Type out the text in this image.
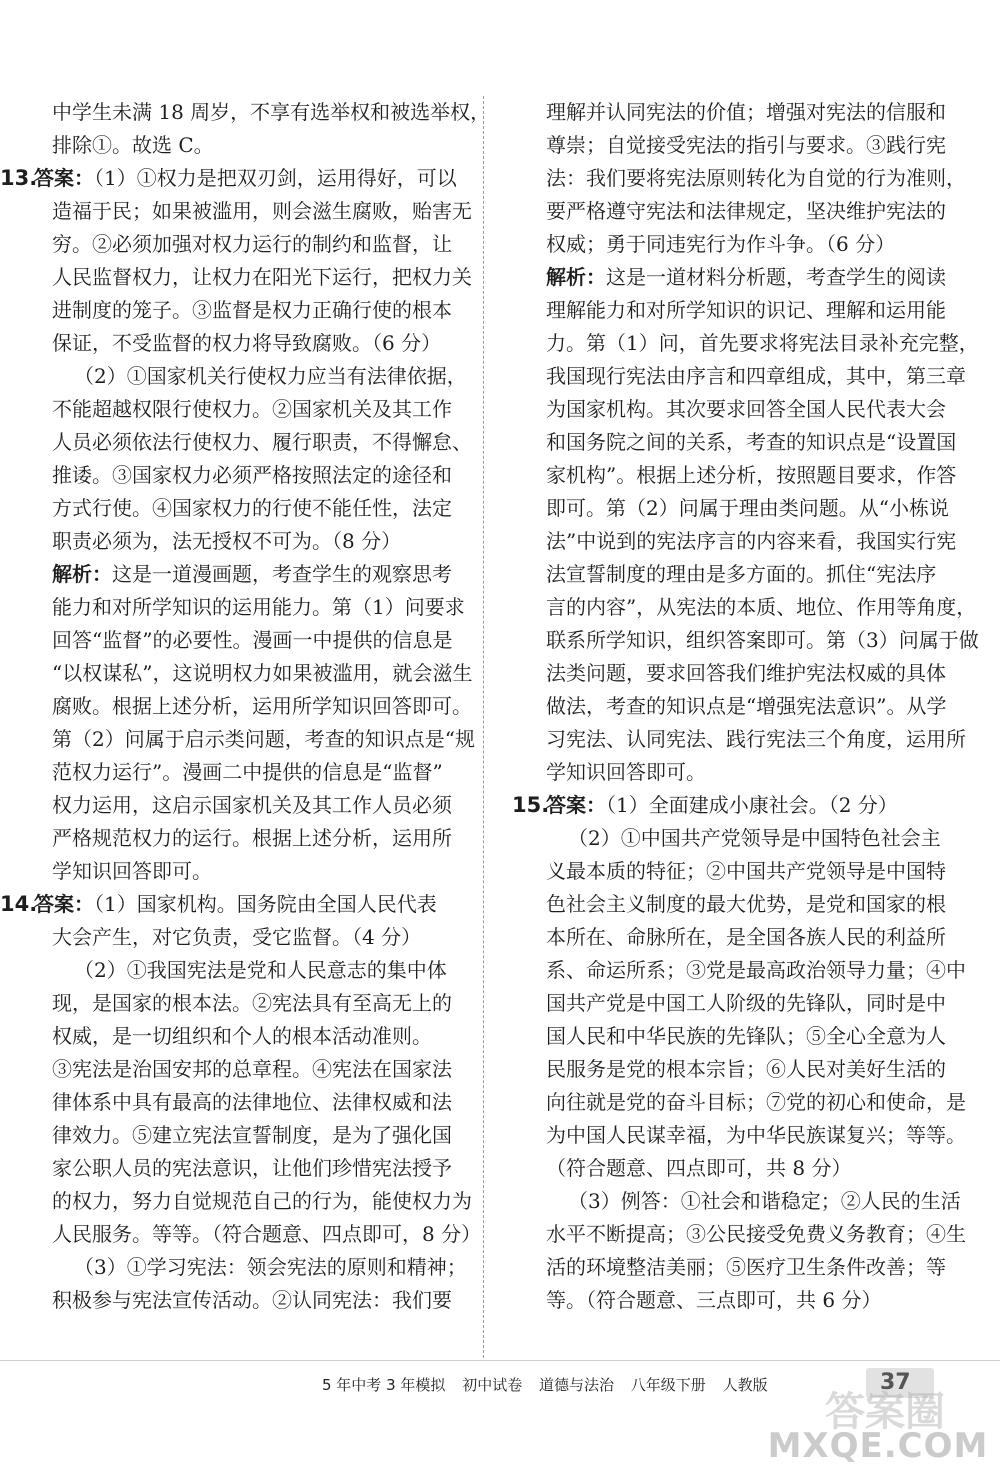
中学生未满 18 周岁，不享有选举权和被选举权，
排除①。故选 C。
13.答案：（1）①权力是把双刃剑，运用得好，可以
造福于民；如果被滥用，则会滋生腐败，贻害无
穷。②必须加强对权力运行的制约和监督，让
人民监督权力，让权力在阳光下运行，把权力关
进制度的笼子。③监督是权力正确行使的根本
保证，不受监督的权力将导致腐败。（6 分）
（2）①国家机关行使权力应当有法律依据，
不能超越权限行使权力。②国家机关及其工作
人员必须依法行使权力、履行职责，不得懈怠、
推诿。③国家权力必须严格按照法定的途径和
方式行使。④国家权力的行使不能任性，法定
职责必须为，法无授权不可为。（8 分）
解析：这是一道漫画题，考查学生的观察思考
能力和对所学知识的运用能力。第（1）问要求
回答“监督”的必要性。漫画一中提供的信息是
“以权谋私”，这说明权力如果被滥用，就会滋生
腐败。根据上述分析，运用所学知识回答即可。
第（2）问属于启示类问题，考查的知识点是“规
范权力运行”。漫画二中提供的信息是“监督”
权力运用，这启示国家机关及其工作人员必须
严格规范权力的运行。根据上述分析，运用所
学知识回答即可。
14.答案：（1）国家机构。国务院由全国人民代表
大会产生，对它负责，受它监督。（4 分）
（2）①我国宪法是党和人民意志的集中体
现，是国家的根本法。②宪法具有至高无上的
权威，是一切组织和个人的根本活动准则。
③宪法是治国安邦的总章程。④宪法在国家法
律体系中具有最高的法律地位、法律权威和法
律效力。⑤建立宪法宣誓制度，是为了强化国
家公职人员的宪法意识，让他们珍惜宪法授予
的权力，努力自觉规范自己的行为，能使权力为
人民服务。等等。（符合题意、四点即可，8 分）
（3）①学习宪法：领会宪法的原则和精神；
积极参与宪法宣传活动。②认同宪法：我们要
理解并认同宪法的价值；增强对宪法的信服和
尊崇；自觉接受宪法的指引与要求。③践行宪
法：我们要将宪法原则转化为自觉的行为准则，
要严格遵守宪法和法律规定，坚决维护宪法的
权威；勇于同违宪行为作斗争。（6 分）
解析：这是一道材料分析题，考查学生的阅读
理解能力和对所学知识的识记、理解和运用能
力。第（1）问，首先要求将宪法目录补充完整，
我国现行宪法由序言和四章组成，其中，第三章
为国家机构。其次要求回答全国人民代表大会
和国务院之间的关系，考查的知识点是“设置国
家机构”。根据上述分析，按照题目要求，作答
即可。第（2）问属于理由类问题。从“小栋说
法”中说到的宪法序言的内容来看，我国实行宪
法宣誓制度的理由是多方面的。抓住“宪法序
言的内容”，从宪法的本质、地位、作用等角度，
联系所学知识，组织答案即可。第（3）问属于做
法类问题，要求回答我们维护宪法权威的具体
做法，考查的知识点是“增强宪法意识”。从学
习宪法、认同宪法、践行宪法三个角度，运用所
学知识回答即可。
15.答案：（1）全面建成小康社会。（2 分）
（2）①中国共产党领导是中国特色社会主
义最本质的特征；②中国共产党领导是中国特
色社会主义制度的最大优势，是党和国家的根
本所在、命脉所在，是全国各族人民的利益所
系、命运所系；③党是最高政治领导力量；④中
国共产党是中国工人阶级的先锋队，同时是中
国人民和中华民族的先锋队；⑤全心全意为人
民服务是党的根本宗旨；⑥人民对美好生活的
向往就是党的奋斗目标；⑦党的初心和使命，是
为中国人民谋幸福，为中华民族谋复兴；等等。
（符合题意、四点即可，共 8 分）
（3）例答：①社会和谐稳定；②人民的生活
水平不断提高；③公民接受免费义务教育；④生
活的环境整洁美丽；⑤医疗卫生条件改善；等
等。（符合题意、三点即可，共 6 分）
5 年中考 3 年模拟 初中试卷 道德与法治 八年级下册 人教版	37
答案圈
MXQE.COM
